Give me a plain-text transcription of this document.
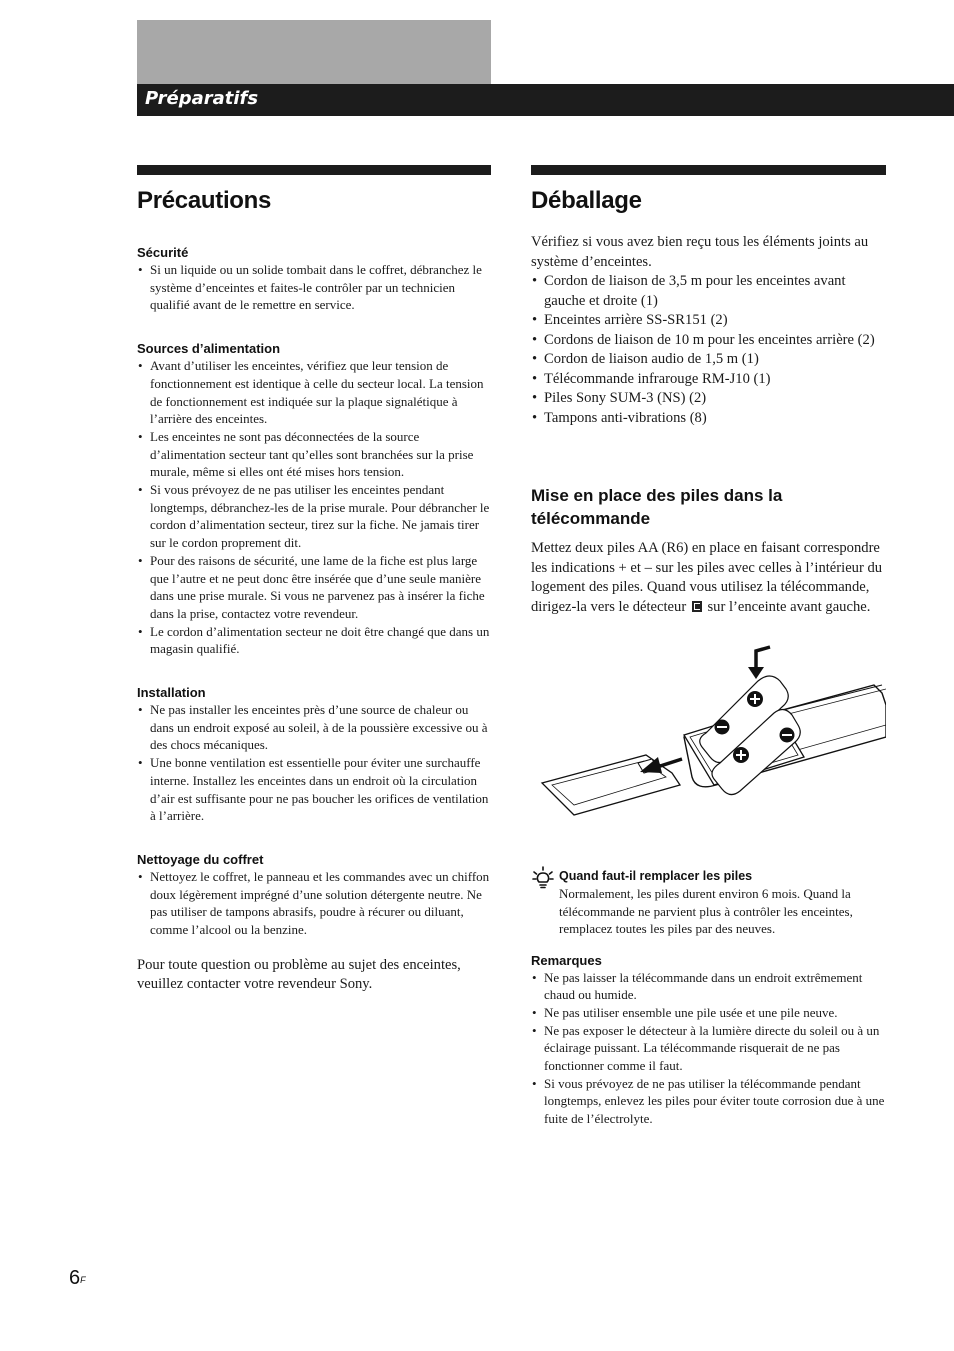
Préparatifs
Précautions
Sécurité
• Si un liquide ou un solide tombait dans le coffret, débranchez le système d’enceintes et faites-le contrôler par un technicien qualifié avant de le remettre en service.
Sources d’alimentation
• Avant d’utiliser les enceintes, vérifiez que leur tension de fonctionnement est identique à celle du secteur local. La tension de fonctionnement est indiquée sur la plaque signalétique à l’arrière des enceintes.
• Les enceintes ne sont pas déconnectées de la source d’alimentation secteur tant qu’elles sont branchées sur la prise murale, même si elles ont été mises hors tension.
• Si vous prévoyez de ne pas utiliser les enceintes pendant longtemps, débranchez-les de la prise murale. Pour débrancher le cordon d’alimentation secteur, tirez sur la fiche. Ne jamais tirer sur le cordon proprement dit.
• Pour des raisons de sécurité, une lame de la fiche est plus large que l’autre et ne peut donc être insérée que d’une seule manière dans une prise murale. Si vous ne parvenez pas à insérer la fiche dans la prise, contactez votre revendeur.
• Le cordon d’alimentation secteur ne doit être changé que dans un magasin qualifié.
Installation
• Ne pas installer les enceintes près d’une source de chaleur ou dans un endroit exposé au soleil, à de la poussière excessive ou à des chocs mécaniques.
• Une bonne ventilation est essentielle pour éviter une surchauffe interne. Installez les enceintes dans un endroit où la circulation d’air est suffisante pour ne pas boucher les orifices de ventilation à l’arrière.
Nettoyage du coffret
• Nettoyez le coffret, le panneau et les commandes avec un chiffon doux légèrement imprégné d’une solution détergente neutre. Ne pas utiliser de tampons abrasifs, poudre à récurer ou diluant, comme l’alcool ou la benzine.

Pour toute question ou problème au sujet des enceintes, veuillez contacter votre revendeur Sony.

Déballage

Vérifiez si vous avez bien reçu tous les éléments joints au système d’enceintes.

• Cordon de liaison de 3,5 m pour les enceintes avant gauche et droite (1)
• Enceintes arrière SS-SR151 (2)
• Cordons de liaison de 10 m pour les enceintes arrière (2)
• Cordon de liaison audio de 1,5 m (1)
• Télécommande infrarouge RM-J10 (1)
• Piles Sony SUM-3 (NS) (2)
• Tampons anti-vibrations (8)
Mise en place des piles dans la télécommande

Mettez deux piles AA (R6) en place en faisant correspondre les indications + et – sur les piles avec celles à l’intérieur du logement des piles. Quand vous utilisez la télécommande, dirigez-la vers le détecteur sur l’enceinte avant gauche.

Quand faut-il remplacer les piles
Normalement, les piles durent environ 6 mois. Quand la télécommande ne parvient plus à contrôler les enceintes, remplacez toutes les piles par des neuves.
Remarques
• Ne pas laisser la télécommande dans un endroit extrêmement chaud ou humide.
• Ne pas utiliser ensemble une pile usée et une pile neuve.
• Ne pas exposer le détecteur à la lumière directe du soleil ou à un éclairage puissant. La télécommande risquerait de ne pas fonctionner comme il faut.
• Si vous prévoyez de ne pas utiliser la télécommande pendant longtemps, enlevez les piles pour éviter toute corrosion due à une fuite de l’électrolyte.
$6^F$
